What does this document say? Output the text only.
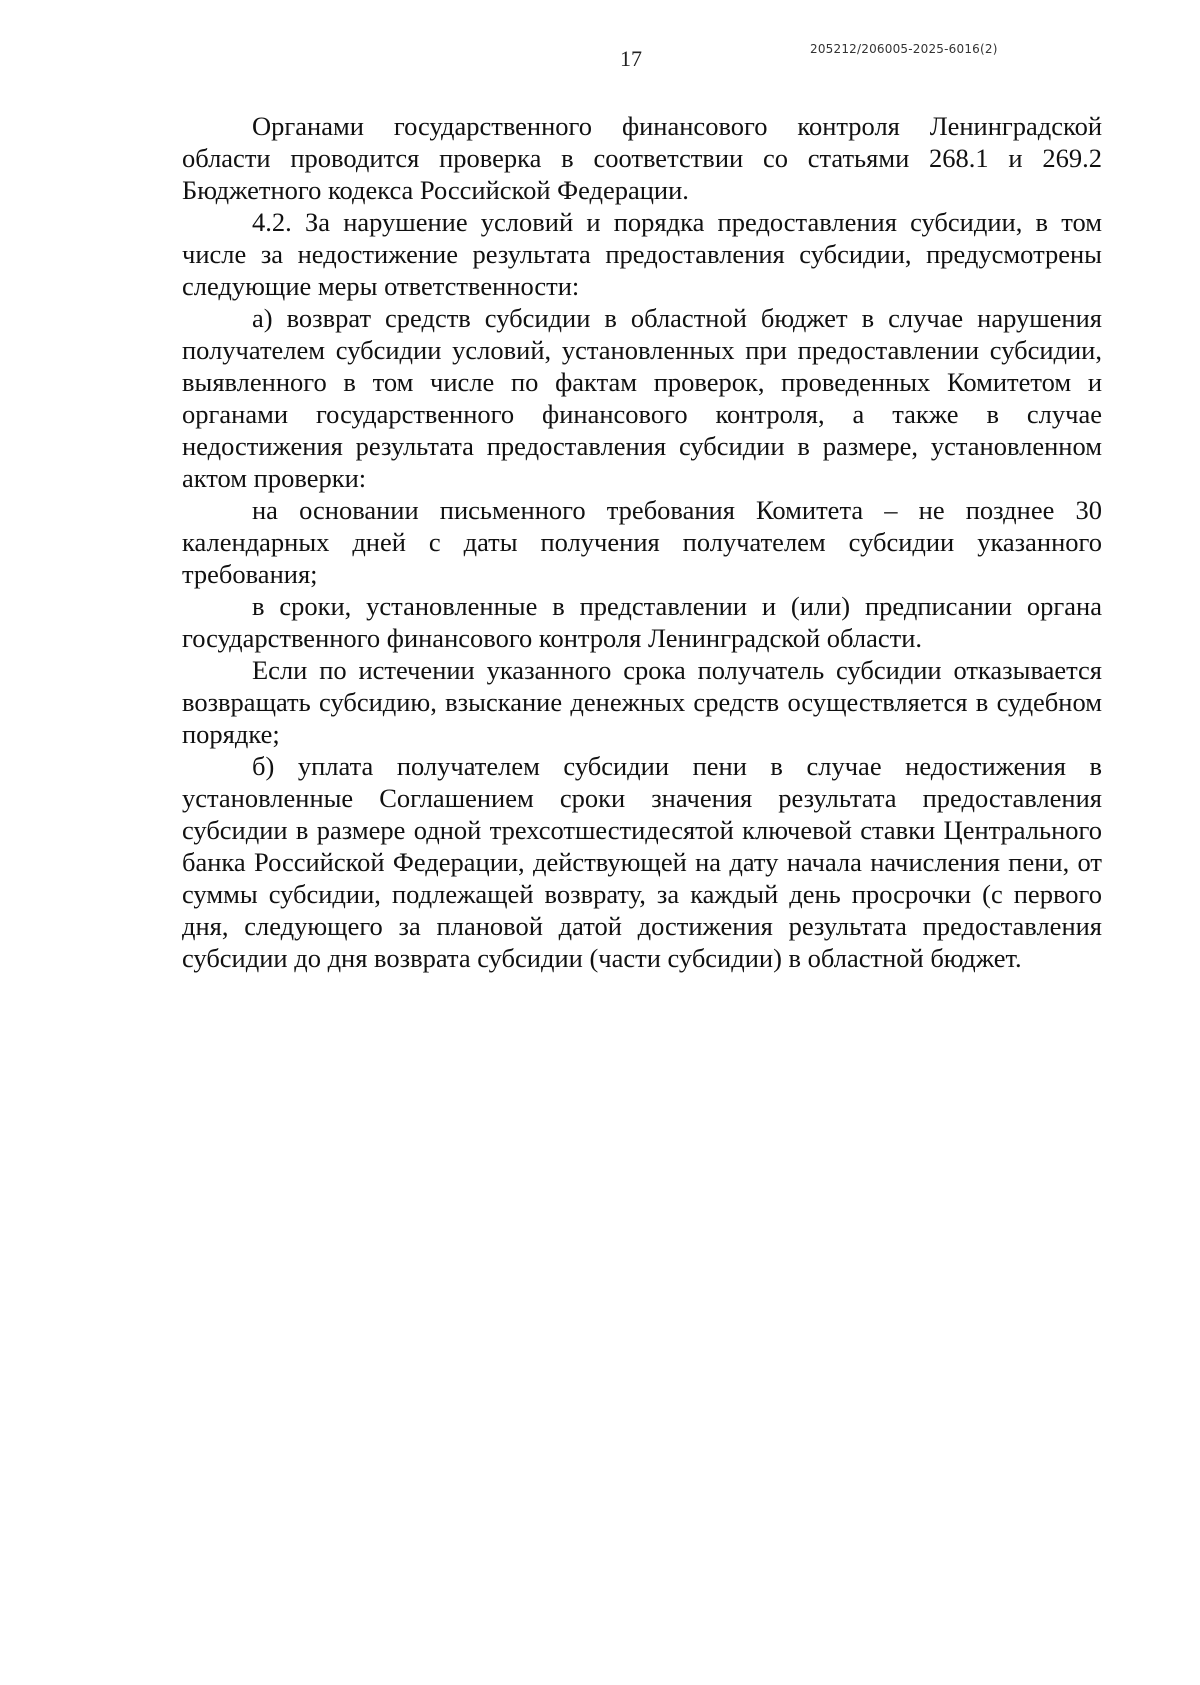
205212/206005-2025-6016(2)
17

Органами государственного финансового контроля Ленинградской области проводится проверка в соответствии со статьями 268.1 и 269.2 Бюджетного кодекса Российской Федерации.

4.2. За нарушение условий и порядка предоставления субсидии, в том числе за недостижение результата предоставления субсидии, предусмотрены следующие меры ответственности:

а) возврат средств субсидии в областной бюджет в случае нарушения получателем субсидии условий, установленных при предоставлении субсидии, выявленного в том числе по фактам проверок, проведенных Комитетом и органами государственного финансового контроля, а также в случае недостижения результата предоставления субсидии в размере, установленном актом проверки:

на основании письменного требования Комитета – не позднее 30 календарных дней с даты получения получателем субсидии указанного требования;

в сроки, установленные в представлении и (или) предписании органа государственного финансового контроля Ленинградской области.

Если по истечении указанного срока получатель субсидии отказывается возвращать субсидию, взыскание денежных средств осуществляется в судебном порядке;

б) уплата получателем субсидии пени в случае недостижения в установленные Соглашением сроки значения результата предоставления субсидии в размере одной трехсотшестидесятой ключевой ставки Центрального банка Российской Федерации, действующей на дату начала начисления пени, от суммы субсидии, подлежащей возврату, за каждый день просрочки (с первого дня, следующего за плановой датой достижения результата предоставления субсидии до дня возврата субсидии (части субсидии) в областной бюджет.
